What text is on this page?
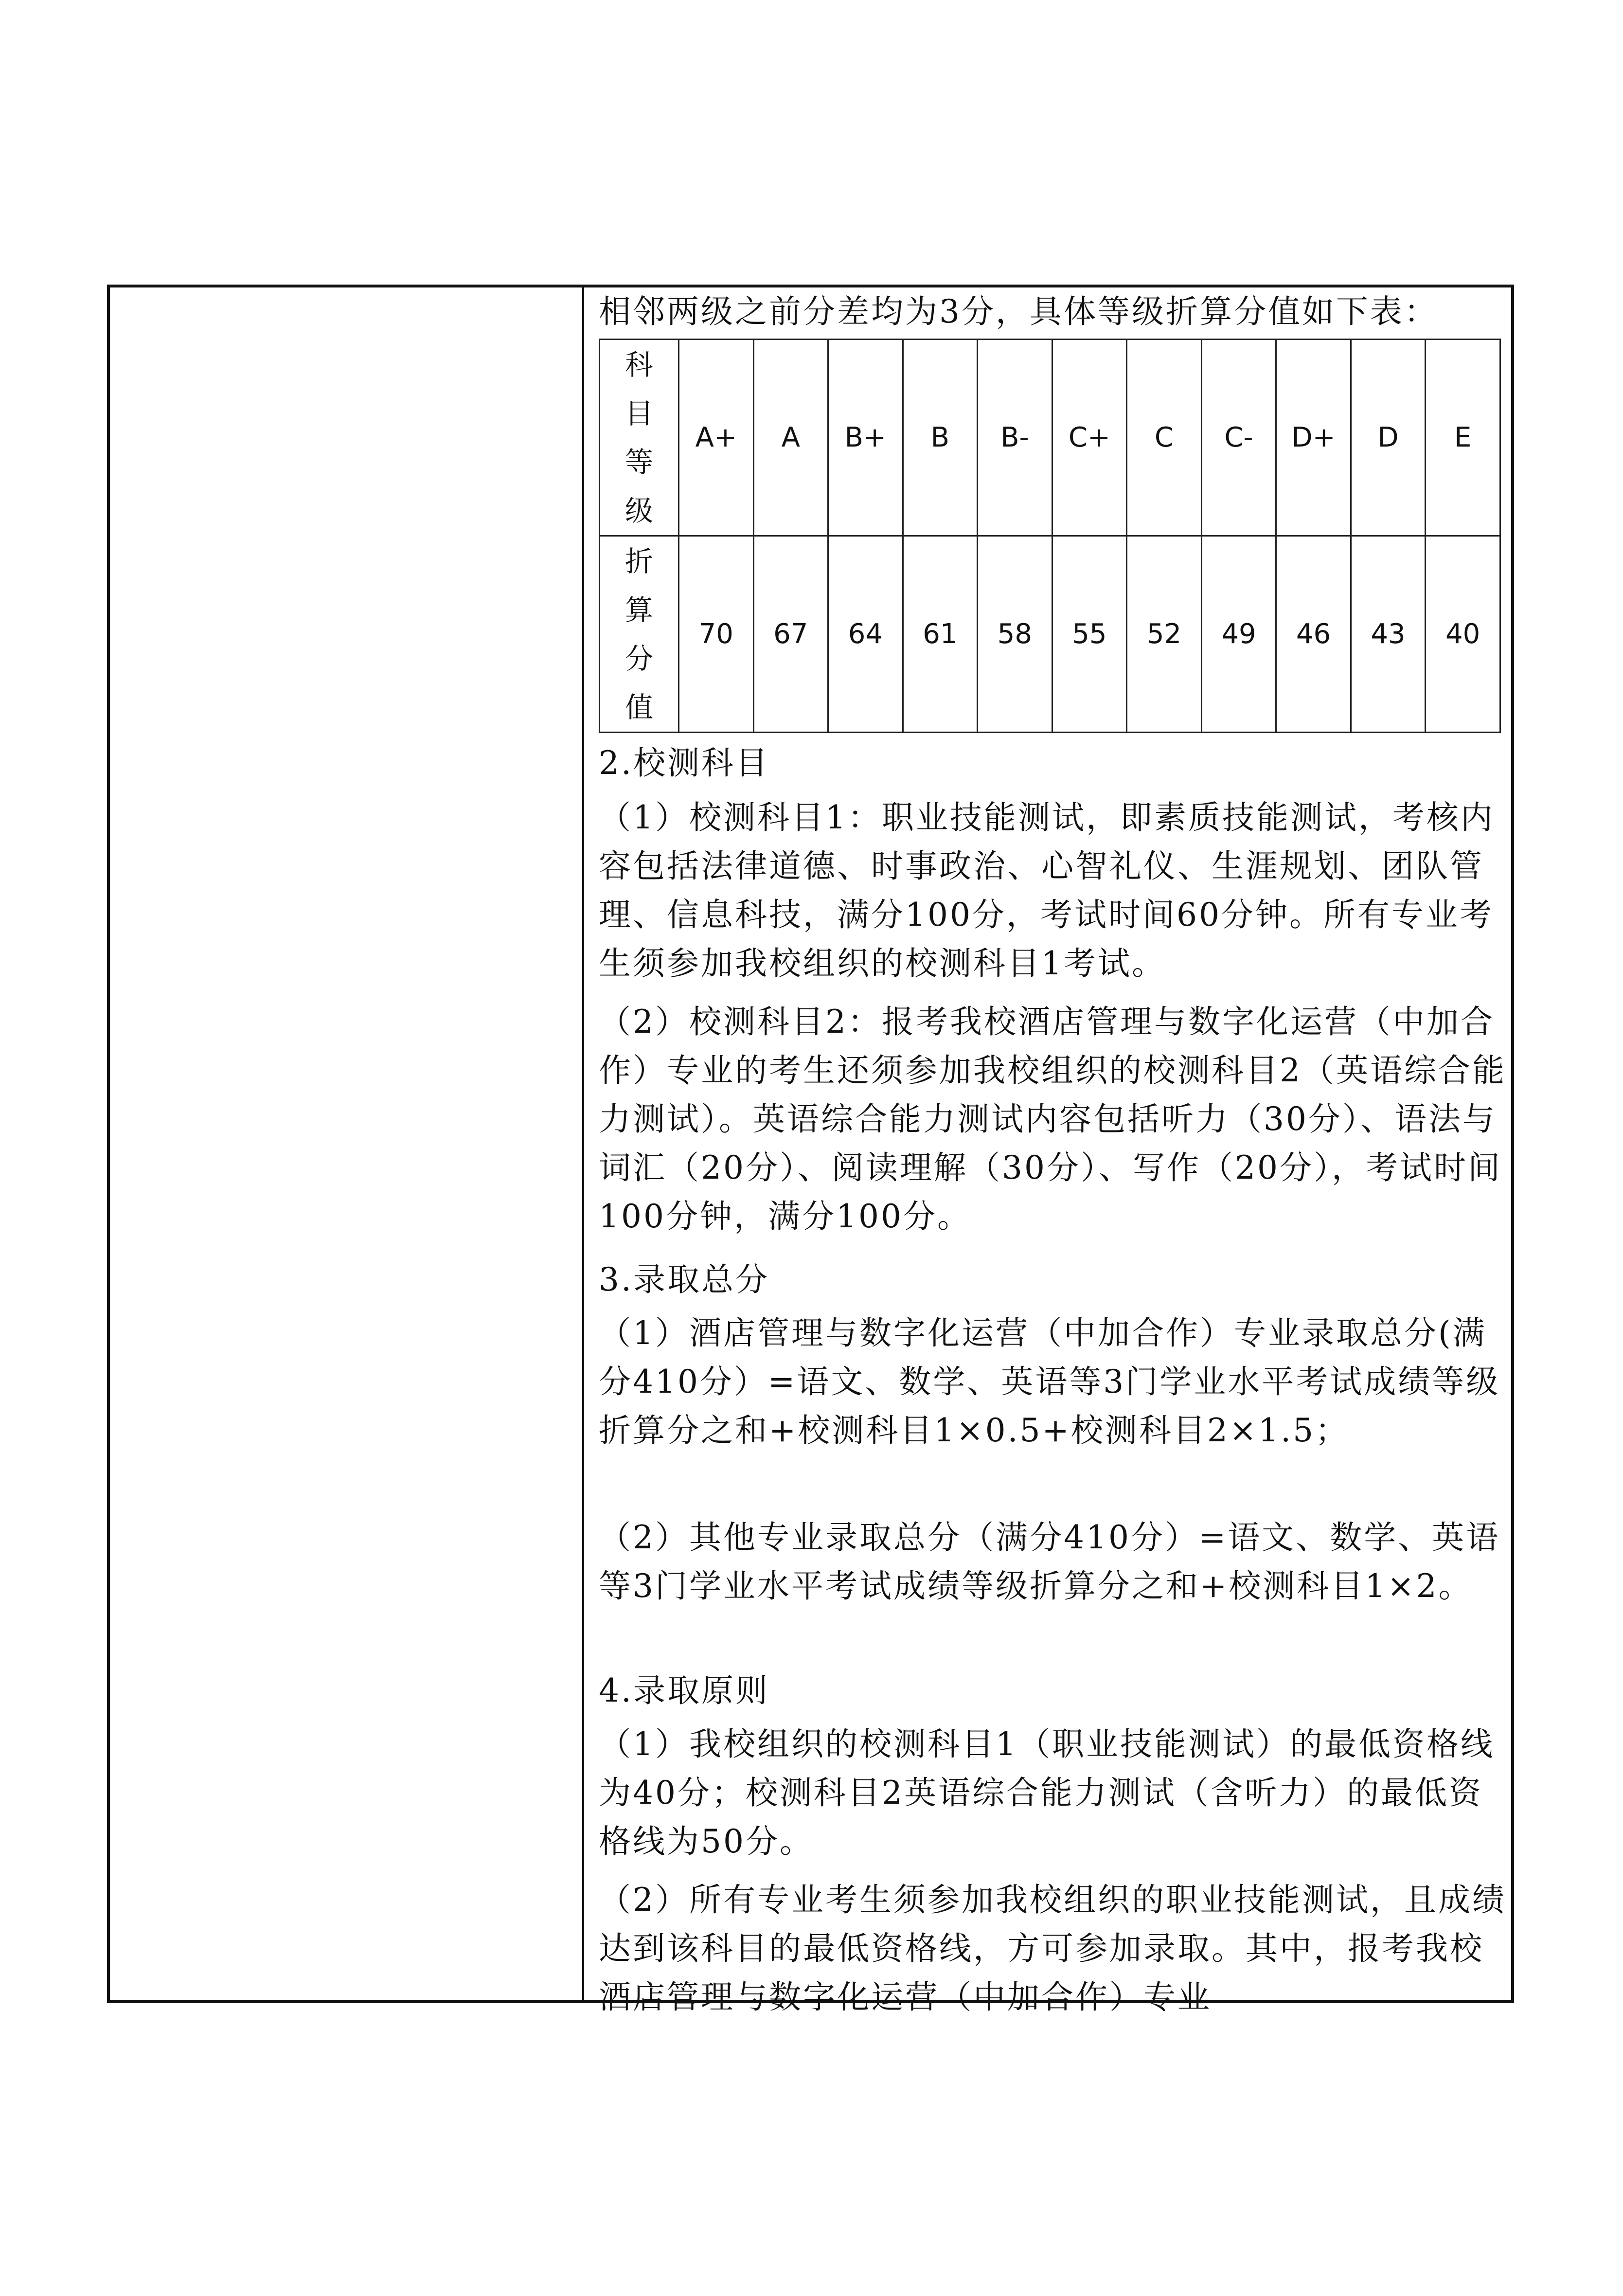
相邻两级之前分差均为3分，具体等级折算分值如下表：
科
目
等
级	A+	A	B+	B	B-	C+	C	C-	D+	D	E

折
算
分
值	70	67	64	61	58	55	52	49	46	43	40
2.校测科目
（1）校测科目1：职业技能测试，即素质技能测试，考核内容包括法律道德、时事政治、心智礼仪、生涯规划、团队管理、信息科技，满分100分，考试时间60分钟。所有专业考生须参加我校组织的校测科目1考试。
（2）校测科目2：报考我校酒店管理与数字化运营（中加合作）专业的考生还须参加我校组织的校测科目2（英语综合能力测试）。英语综合能力测试内容包括听力（30分）、语法与词汇（20分）、阅读理解（30分）、写作（20分），考试时间100分钟，满分100分。
3.录取总分
（1）酒店管理与数字化运营（中加合作）专业录取总分(满分410分）=语文、数学、英语等3门学业水平考试成绩等级折算分之和+校测科目1×0.5+校测科目2×1.5；
（2）其他专业录取总分（满分410分）=语文、数学、英语等3门学业水平考试成绩等级折算分之和+校测科目1×2。
4.录取原则
（1）我校组织的校测科目1（职业技能测试）的最低资格线为40分；校测科目2英语综合能力测试（含听力）的最低资格线为50分。
（2）所有专业考生须参加我校组织的职业技能测试，且成绩达到该科目的最低资格线，方可参加录取。其中，报考我校酒店管理与数字化运营（中加合作）专业
